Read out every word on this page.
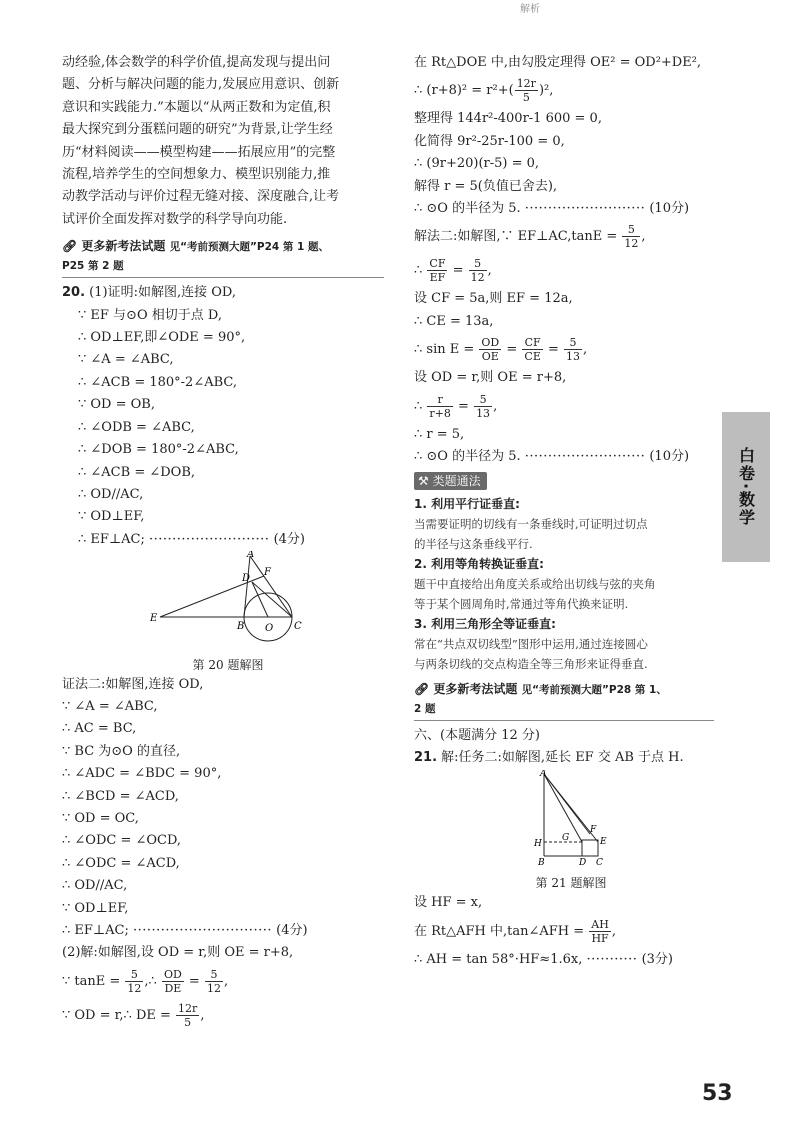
解析
动经验,体会数学的科学价值,提高发现与提出问
题、分析与解决问题的能力,发展应用意识、创新
意识和实践能力.”本题以“从两正数和为定值,积
最大探究到分蛋糕问题的研究”为背景,让学生经
历“材料阅读——模型构建——拓展应用”的完整
流程,培养学生的空间想象力、模型识别能力,推
动教学活动与评价过程无缝对接、深度融合,让考
试评价全面发挥对数学的科学导向功能.
🔗︎ 更多新考法试题 见“考前预测大题”P24 第 1 题、
P25 第 2 题
20. (1)证明:如解图,连接 OD,
∵ EF 与⊙O 相切于点 D,
∴ OD⊥EF,即∠ODE = 90°,
∵ ∠A = ∠ABC,
∴ ∠ACB = 180°-2∠ABC,
∵ OD = OB,
∴ ∠ODB = ∠ABC,
∴ ∠DOB = 180°-2∠ABC,
∴ ∠ACB = ∠DOB,
∴ OD//AC,
∵ OD⊥EF,
∴ EF⊥AC; ·························· (4分)
A
F
D
E
B O C
第 20 题解图
证法二:如解图,连接 OD,
∵ ∠A = ∠ABC,
∴ AC = BC,
∵ BC 为⊙O 的直径,
∴ ∠ADC = ∠BDC = 90°,
∴ ∠BCD = ∠ACD,
∵ OD = OC,
∴ ∠ODC = ∠OCD,
∴ ∠ODC = ∠ACD,
∴ OD//AC,
∵ OD⊥EF,
∴ EF⊥AC; ······························ (4分)
(2)解:如解图,设 OD = r,则 OE = r+8,
∵ $\tan E = \frac{5}{12}$ ,∴ $\frac{OD}{DE} = \frac{5}{12}$ ,
∵ OD = r,∴ DE = $\frac{12r}{5}$ ,
在 Rt△DOE 中,由勾股定理得 OE² = OD²+DE²,
∴ $(r+8)^2 = r^2+( \frac{12r}{5} )^2$,
整理得 144r²-400r-1 600 = 0,
化简得 9r²-25r-100 = 0,
∴ (9r+20)(r-5) = 0,
解得 r = 5(负值已舍去),
∴ ⊙O 的半径为 5. ·························· (10分)
解法二:如解图,∵ EF⊥AC,tanE = $\frac{5}{12}$ ,
∴ $\frac{CF}{EF} = \frac{5}{12}$ ,
设 CF = 5a,则 EF = 12a,
∴ CE = 13a,
∴ $\sin E = \frac{OD}{OE} = \frac{CF}{CE} = \frac{5}{13}$ ,
设 OD = r,则 OE = r+8,
∴ $\frac{r}{r+8} = \frac{5}{13}$ ,
∴ r = 5,
∴ ⊙O 的半径为 5. ·························· (10分)
⚒︎ 类题通法
1. 利用平行证垂直:
当需要证明的切线有一条垂线时,可证明过切点
的半径与这条垂线平行.
2. 利用等角转换证垂直:
题干中直接给出角度关系或给出切线与弦的夹角
等于某个圆周角时,常通过等角代换来证明.
3. 利用三角形全等证垂直:
常在“共点双切线型”图形中运用,通过连接圆心
与两条切线的交点构造全等三角形来证得垂直.
🔗︎ 更多新考法试题 见“考前预测大题”P28 第 1、
2 题
六、(本题满分 12 分)
21. 解:任务二:如解图,延长 EF 交 AB 于点 H.
A
F
H
G	E
B	D C
第 21 题解图
设 HF = x,
在 Rt△AFH 中,tan∠AFH = $\frac{AH}{HF}$ ,
∴ AH = tan 58°·HF≈1.6x, ··········· (3分)
白卷·数学
53
